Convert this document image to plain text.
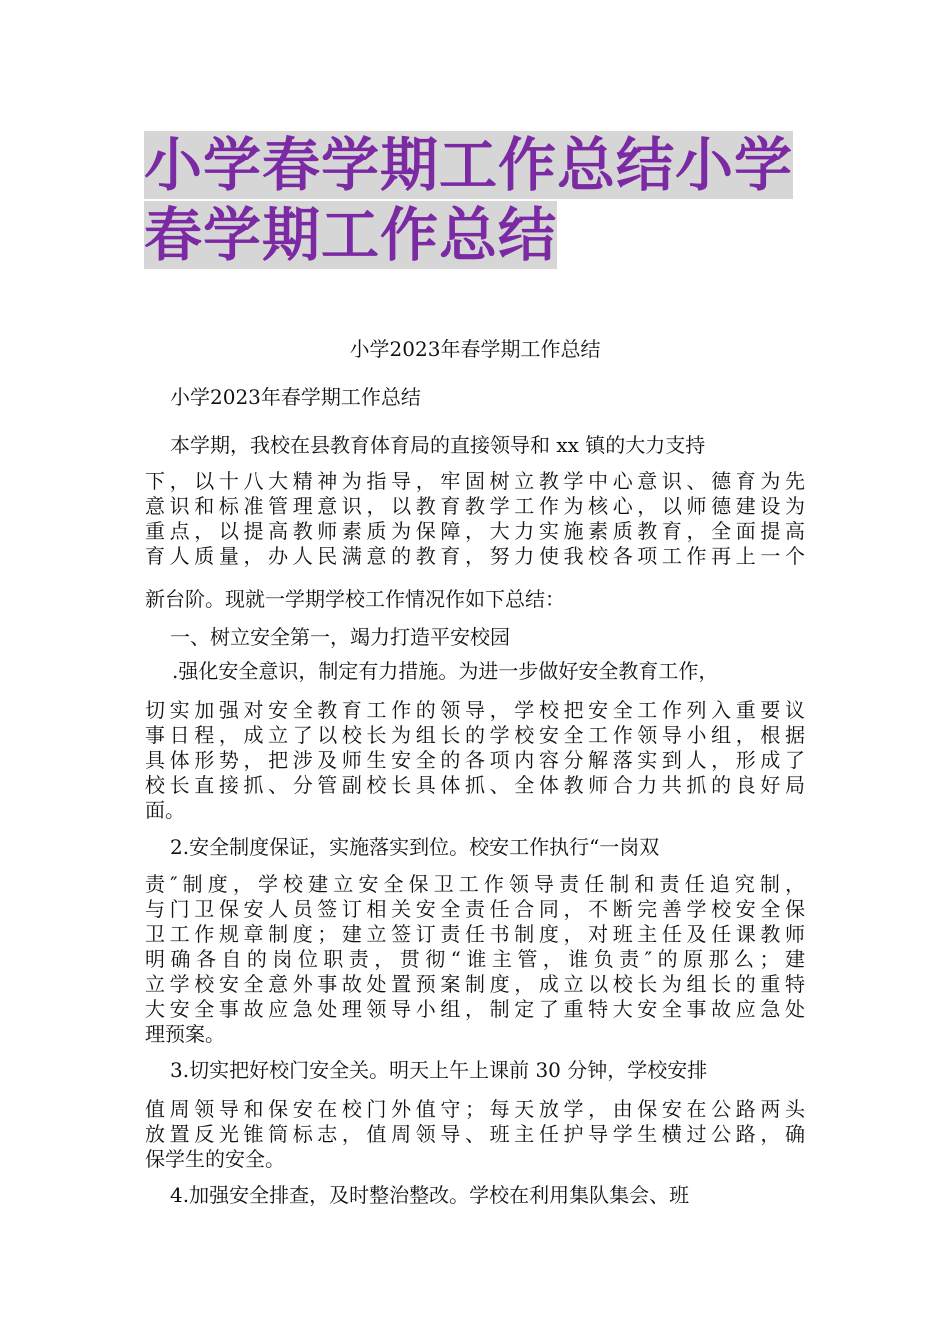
小学春学期工作总结小学
春学期工作总结
小学2023年春学期工作总结
小学2023年春学期工作总结
本学期，我校在县教育体育局的直接领导和 xx 镇的大力支持
下，以十八大精神为指导，牢固树立教学中心意识、德育为先
意识和标准管理意识，以教育教学工作为核心，以师德建设为
重点，以提高教师素质为保障，大力实施素质教育，全面提高
育人质量，办人民满意的教育，努力使我校各项工作再上一个
新台阶。现就一学期学校工作情况作如下总结：
一、树立安全第一，竭力打造平安校园
.强化安全意识，制定有力措施。为进一步做好安全教育工作，
切实加强对安全教育工作的领导，学校把安全工作列入重要议
事日程，成立了以校长为组长的学校安全工作领导小组，根据
具体形势，把涉及师生安全的各项内容分解落实到人，形成了
校长直接抓、分管副校长具体抓、全体教师合力共抓的良好局
面。
2.安全制度保证，实施落实到位。校安工作执行“一岗双
责″制度，学校建立安全保卫工作领导责任制和责任追究制，
与门卫保安人员签订相关安全责任合同，不断完善学校安全保
卫工作规章制度；建立签订责任书制度，对班主任及任课教师
明确各自的岗位职责，贯彻“谁主管，谁负责″的原那么；建
立学校安全意外事故处置预案制度，成立以校长为组长的重特
大安全事故应急处理领导小组，制定了重特大安全事故应急处
理预案。
3.切实把好校门安全关。明天上午上课前 30 分钟，学校安排
值周领导和保安在校门外值守；每天放学，由保安在公路两头
放置反光锥筒标志，值周领导、班主任护导学生横过公路，确
保学生的安全。
4.加强安全排查，及时整治整改。学校在利用集队集会、班
